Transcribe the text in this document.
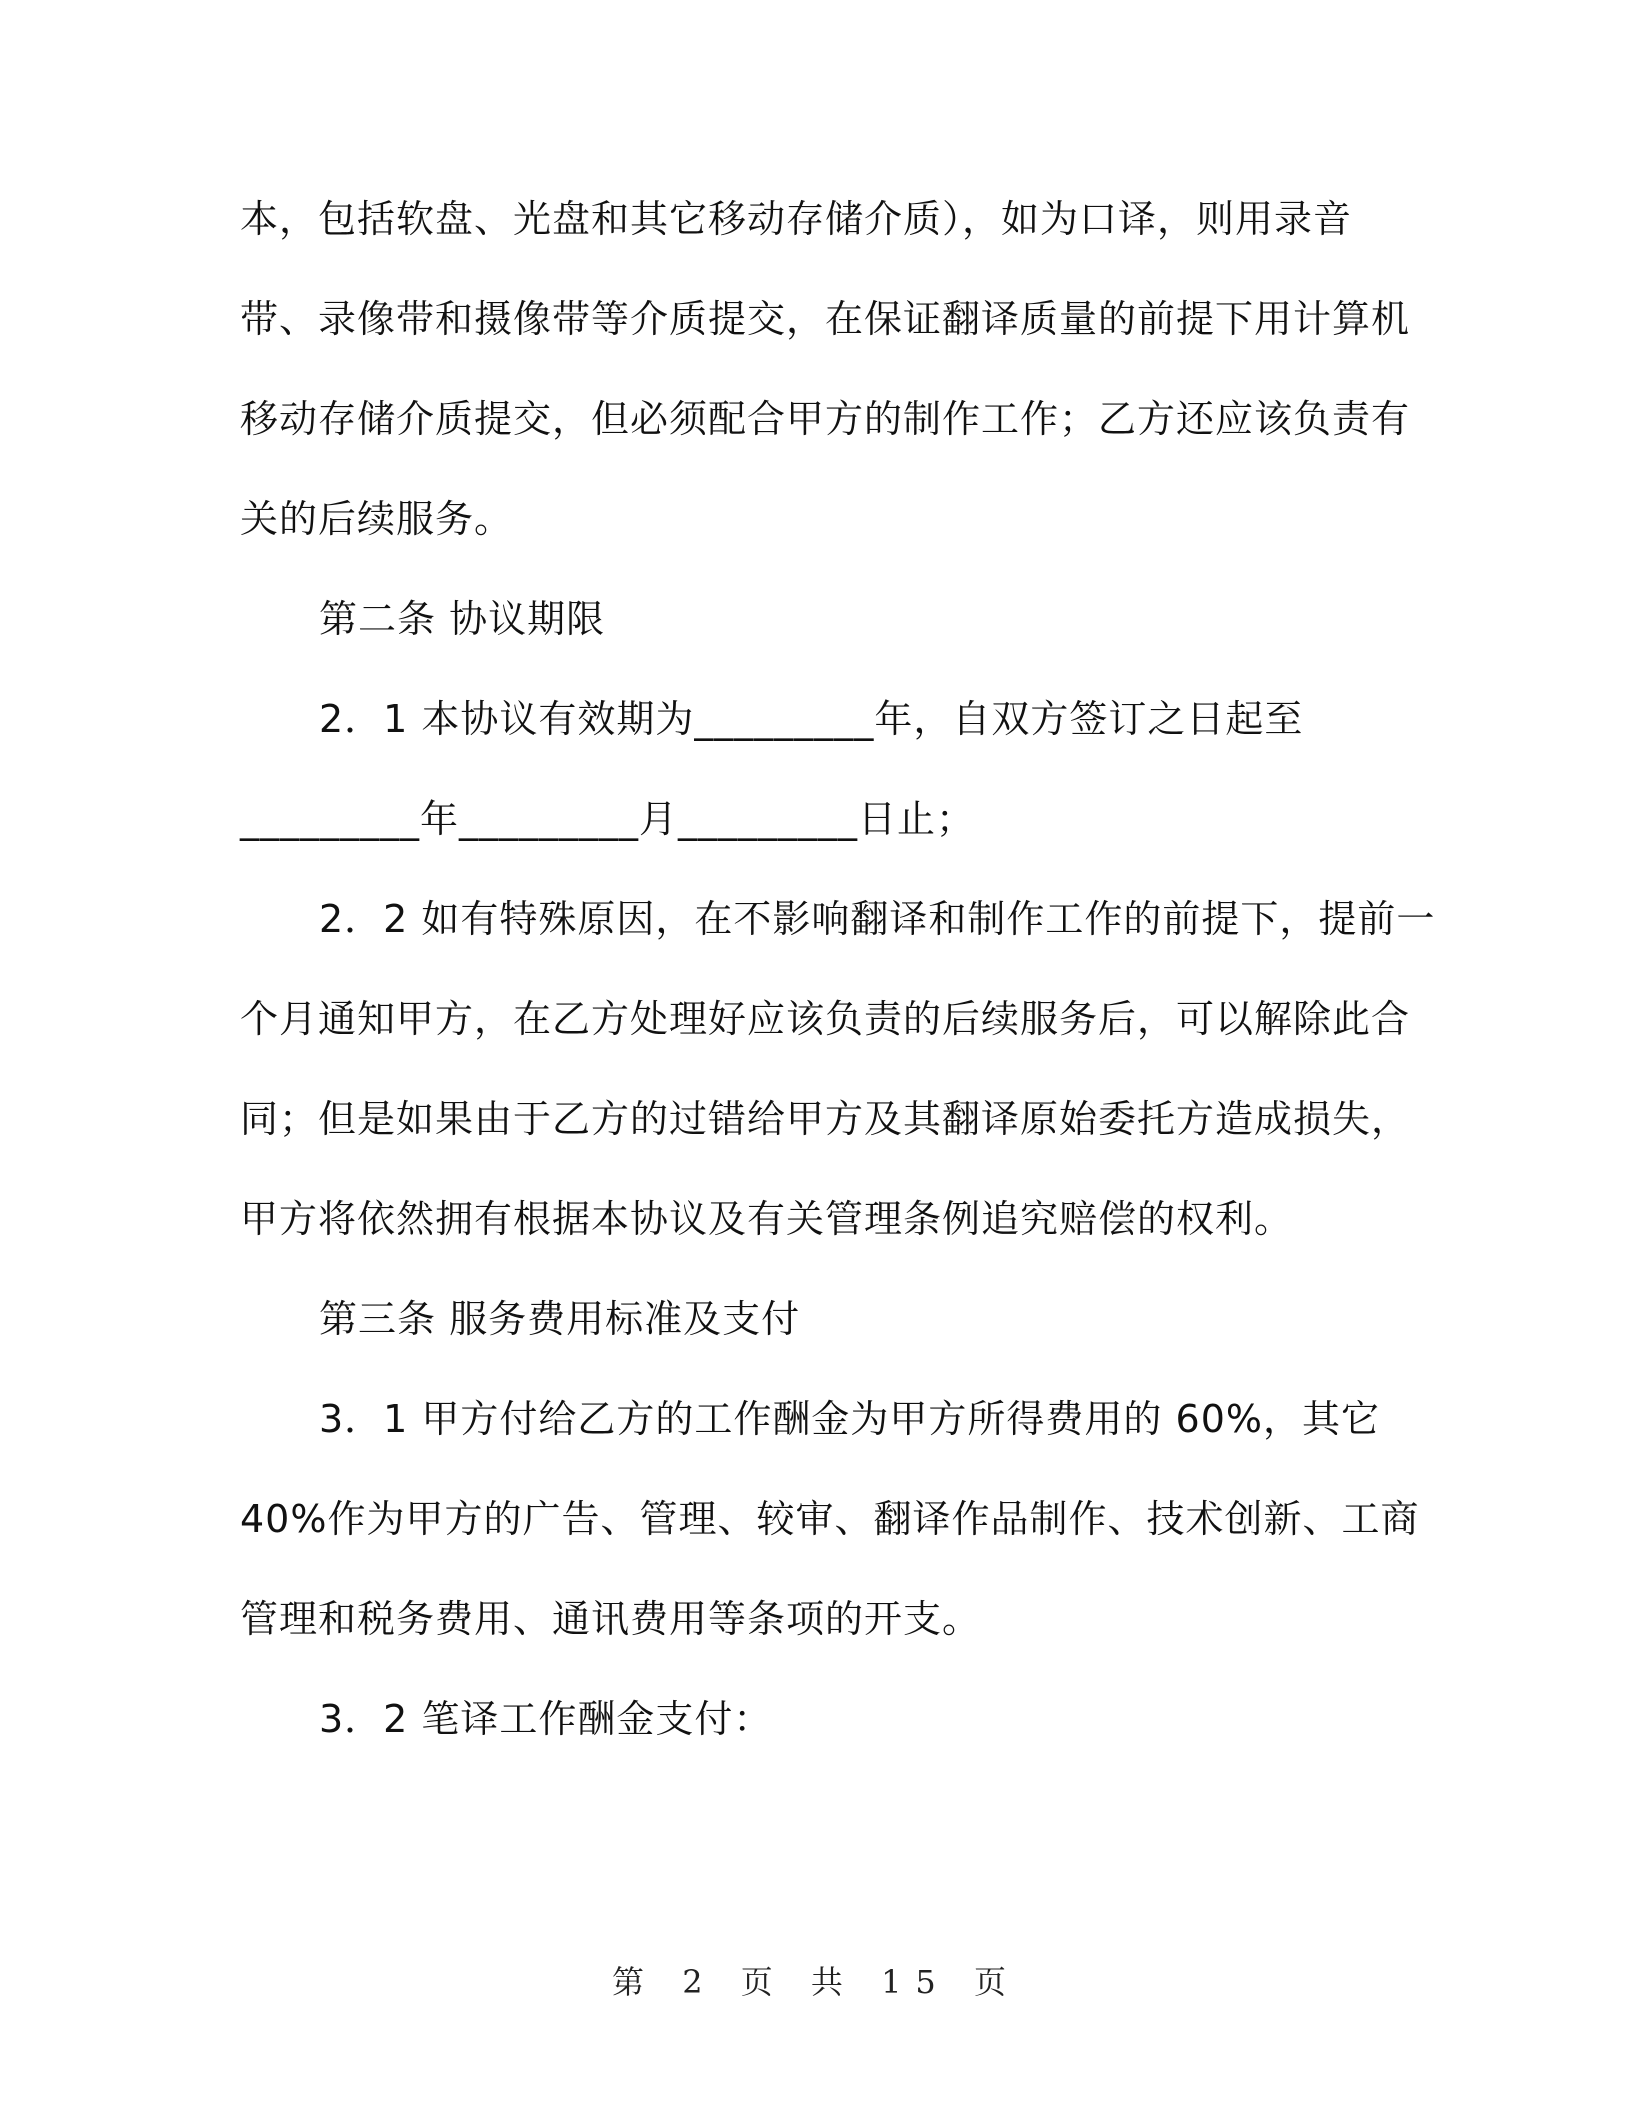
本，包括软盘、光盘和其它移动存储介质），如为口译，则用录音
带、录像带和摄像带等介质提交，在保证翻译质量的前提下用计算机
移动存储介质提交，但必须配合甲方的制作工作；乙方还应该负责有
关的后续服务。
第二条 协议期限
2．1 本协议有效期为_________年，自双方签订之日起至
_________年_________月_________日止；
2．2 如有特殊原因，在不影响翻译和制作工作的前提下，提前一
个月通知甲方，在乙方处理好应该负责的后续服务后，可以解除此合
同；但是如果由于乙方的过错给甲方及其翻译原始委托方造成损失，
甲方将依然拥有根据本协议及有关管理条例追究赔偿的权利。
第三条 服务费用标准及支付
3．1 甲方付给乙方的工作酬金为甲方所得费用的 60%，其它
40%作为甲方的广告、管理、较审、翻译作品制作、技术创新、工商
管理和税务费用、通讯费用等条项的开支。
3．2 笔译工作酬金支付：
第 2 页 共 15 页
